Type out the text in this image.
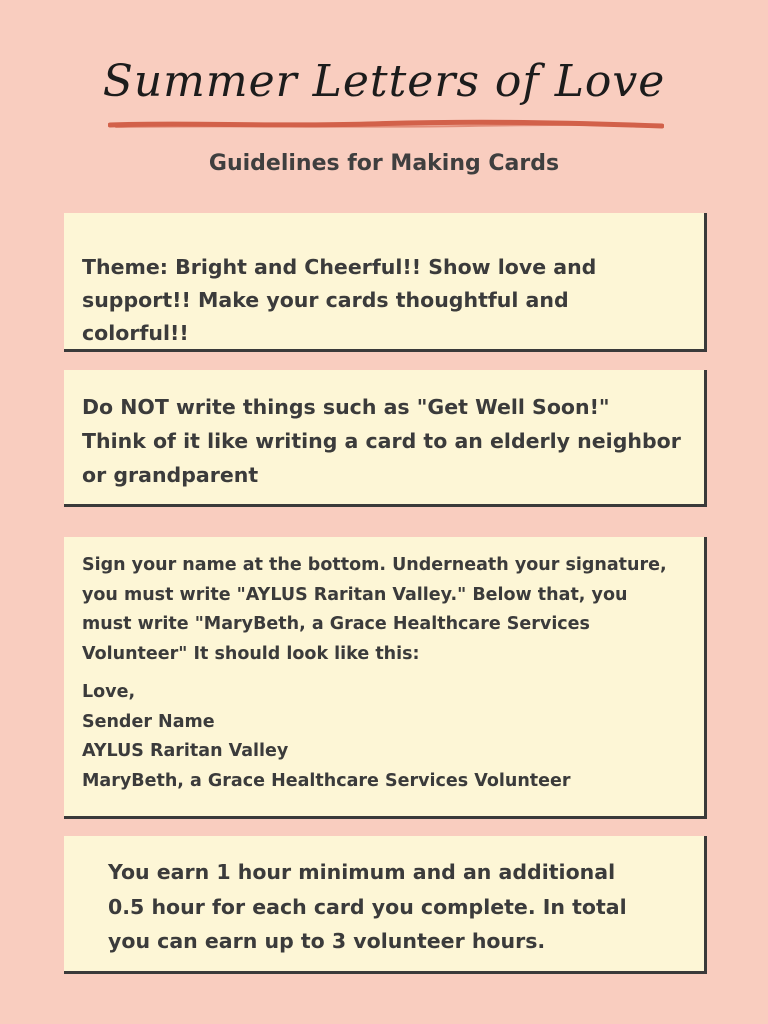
Summer Letters of Love
Guidelines for Making Cards

Theme: Bright and Cheerful!! Show love and
support!! Make your cards thoughtful and
colorful!!

Do NOT write things such as "Get Well Soon!"
Think of it like writing a card to an elderly neighbor
or grandparent

Sign your name at the bottom. Underneath your signature,
you must write "AYLUS Raritan Valley." Below that, you
must write "MaryBeth, a Grace Healthcare Services
Volunteer" It should look like this:

Love,
Sender Name
AYLUS Raritan Valley
MaryBeth, a Grace Healthcare Services Volunteer

You earn 1 hour minimum and an additional
0.5 hour for each card you complete. In total
you can earn up to 3 volunteer hours.
